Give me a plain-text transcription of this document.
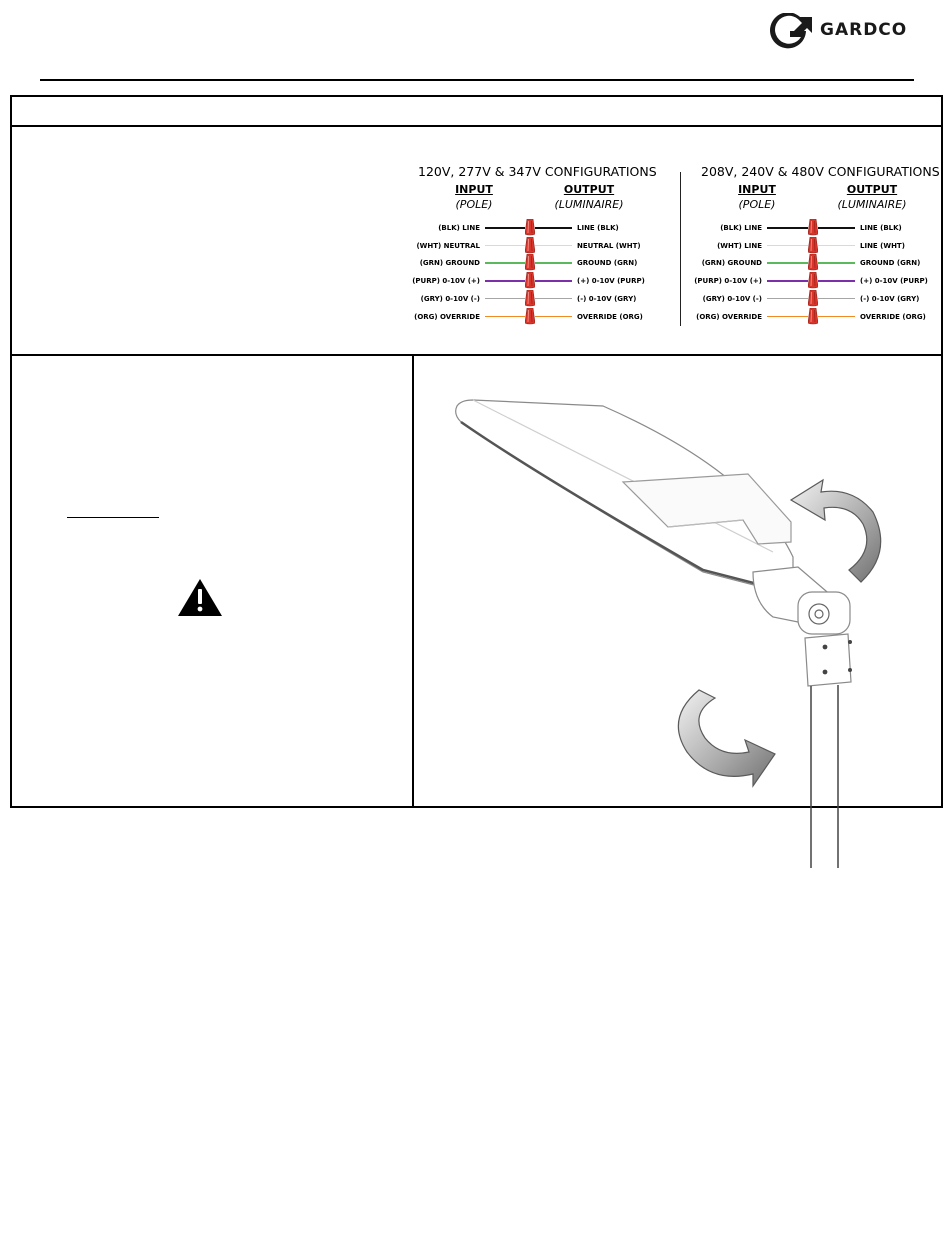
GARDCO
120V, 277V & 347V CONFIGURATIONS
INPUT
(POLE)
OUTPUT
(LUMINAIRE)
(BLK) LINE	LINE (BLK)
(WHT) NEUTRAL	NEUTRAL (WHT)
(GRN) GROUND	GROUND (GRN)
(PURP) 0-10V (+)	(+) 0-10V (PURP)
(GRY) 0-10V (-)	(-) 0-10V (GRY)
(ORG) OVERRIDE	OVERRIDE (ORG)
208V, 240V & 480V CONFIGURATIONS
INPUT
(POLE)
OUTPUT
(LUMINAIRE)
(BLK) LINE	LINE (BLK)
(WHT) LINE	LINE (WHT)
(GRN) GROUND	GROUND (GRN)
(PURP) 0-10V (+)	(+) 0-10V (PURP)
(GRY) 0-10V (-)	(-) 0-10V (GRY)
(ORG) OVERRIDE	OVERRIDE (ORG)
